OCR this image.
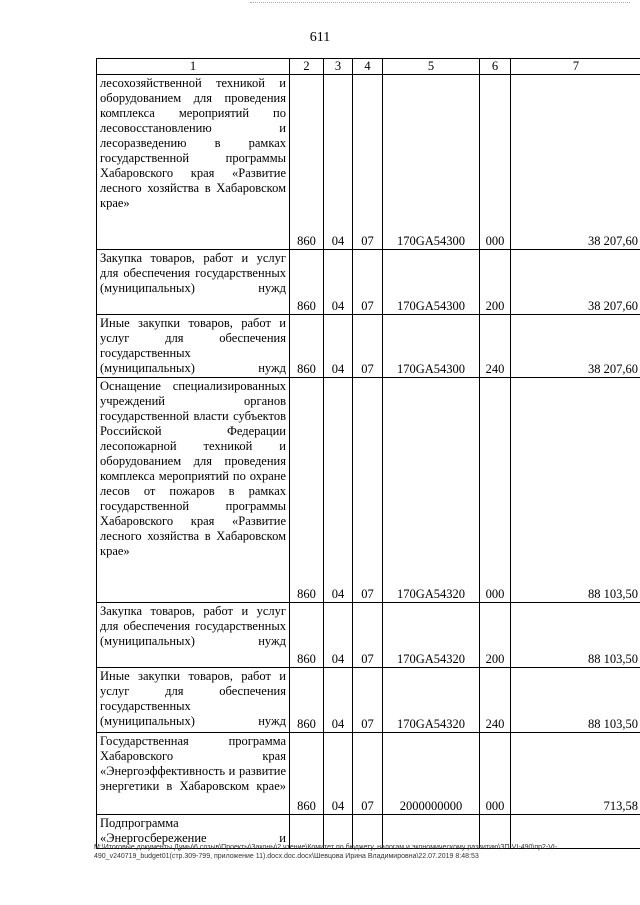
611
1	2	3	4	5	6	7
лесохозяйственной техникой и оборудованием для проведения комплекса мероприятий по лесовосстановлению и лесоразведению в рамках государственной программы Хабаровского края «Развитие лесного хозяйства в Хабаровском крае»	860	04	07	170GA54300	000	38 207,60
Закупка товаров, работ и услуг для обеспечения государственных (муниципальных) нужд	860	04	07	170GA54300	200	38 207,60
Иные закупки товаров, работ и услуг для обеспечения государственных (муниципальных) нужд	860	04	07	170GA54300	240	38 207,60
Оснащение специализированных учреждений органов государственной власти субъектов Российской Федерации лесопожарной техникой и оборудованием для проведения комплекса мероприятий по охране лесов от пожаров в рамках государственной программы Хабаровского края «Развитие лесного хозяйства в Хабаровском крае»	860	04	07	170GA54320	000	88 103,50
Закупка товаров, работ и услуг для обеспечения государственных (муниципальных) нужд	860	04	07	170GA54320	200	88 103,50
Иные закупки товаров, работ и услуг для обеспечения государственных (муниципальных) нужд	860	04	07	170GA54320	240	88 103,50
Государственная программа Хабаровского края «Энергоэффективность и развитие энергетики в Хабаровском крае»	860	04	07	2000000000	000	713,58
Подпрограмма «Энергосбережение и						
M:\Итоговые документы Думы\6 созыв\Проекты\Законы\2 чтение\Комитет по бюджету, налогам и экономическому развитию\ЗП-VI-490\пр2-VI-490_v240719_budget01(стр.309-799, приложение 11).docx.doc.docx\Шевцова Ирина Владимировна\22.07.2019 8:48:53
